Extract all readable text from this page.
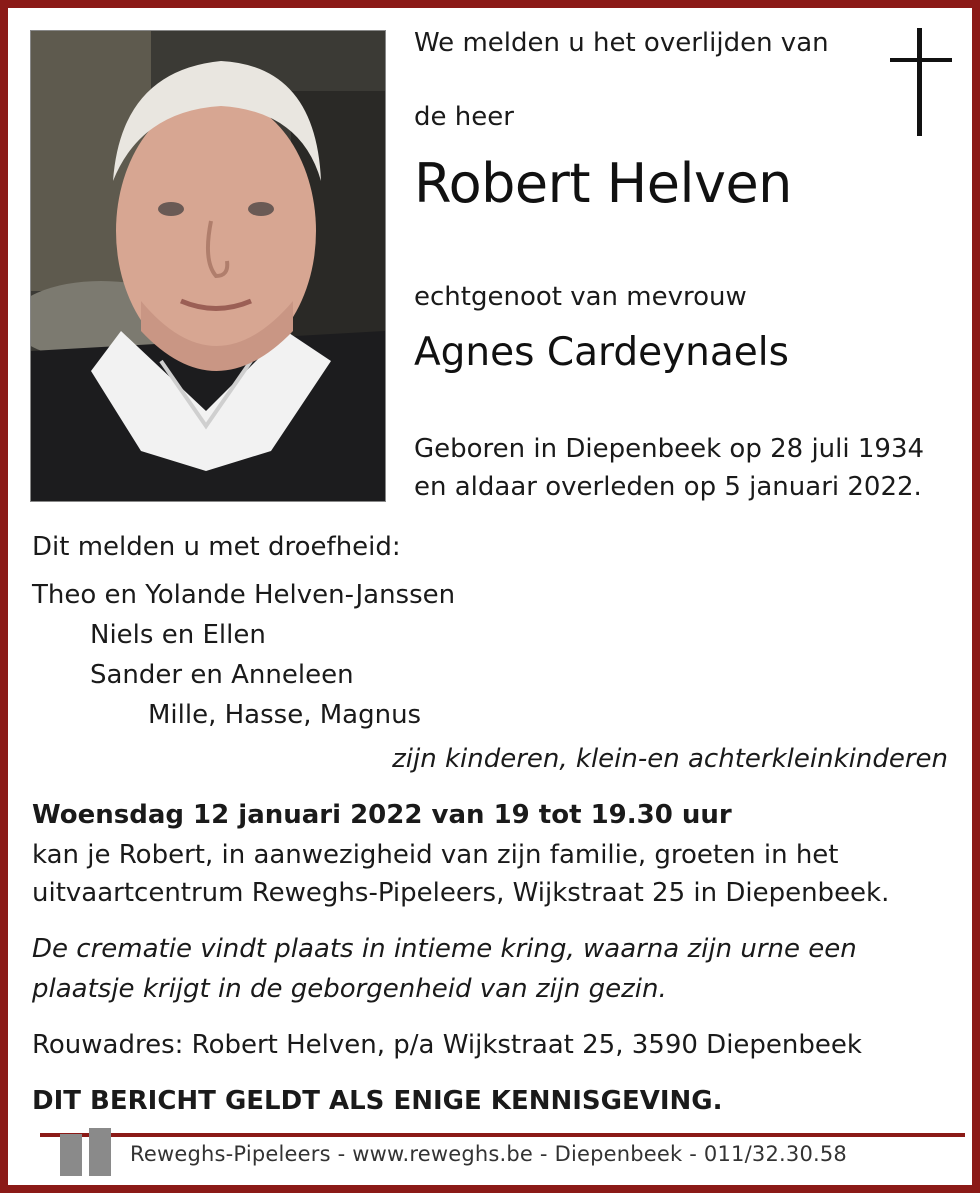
We melden u het overlijden van
de heer
Robert Helven
echtgenoot van mevrouw
Agnes Cardeynaels
Geboren in Diepenbeek op 28 juli 1934
en aldaar overleden op 5 januari 2022.
Dit melden u met droefheid:
Theo en Yolande Helven-Janssen
Niels en Ellen
Sander en Anneleen
Mille, Hasse, Magnus
zijn kinderen, klein-en achterkleinkinderen
Woensdag 12 januari 2022 van 19 tot 19.30 uur
kan je Robert, in aanwezigheid van zijn familie, groeten in het
uitvaartcentrum Reweghs-Pipeleers, Wijkstraat 25 in Diepenbeek.
De crematie vindt plaats in intieme kring, waarna zijn urne een
plaatsje krijgt in de geborgenheid van zijn gezin.
Rouwadres: Robert Helven, p/a Wijkstraat 25, 3590 Diepenbeek
DIT BERICHT GELDT ALS ENIGE KENNISGEVING.
Reweghs-Pipeleers - www.reweghs.be - Diepenbeek - 011/32.30.58
